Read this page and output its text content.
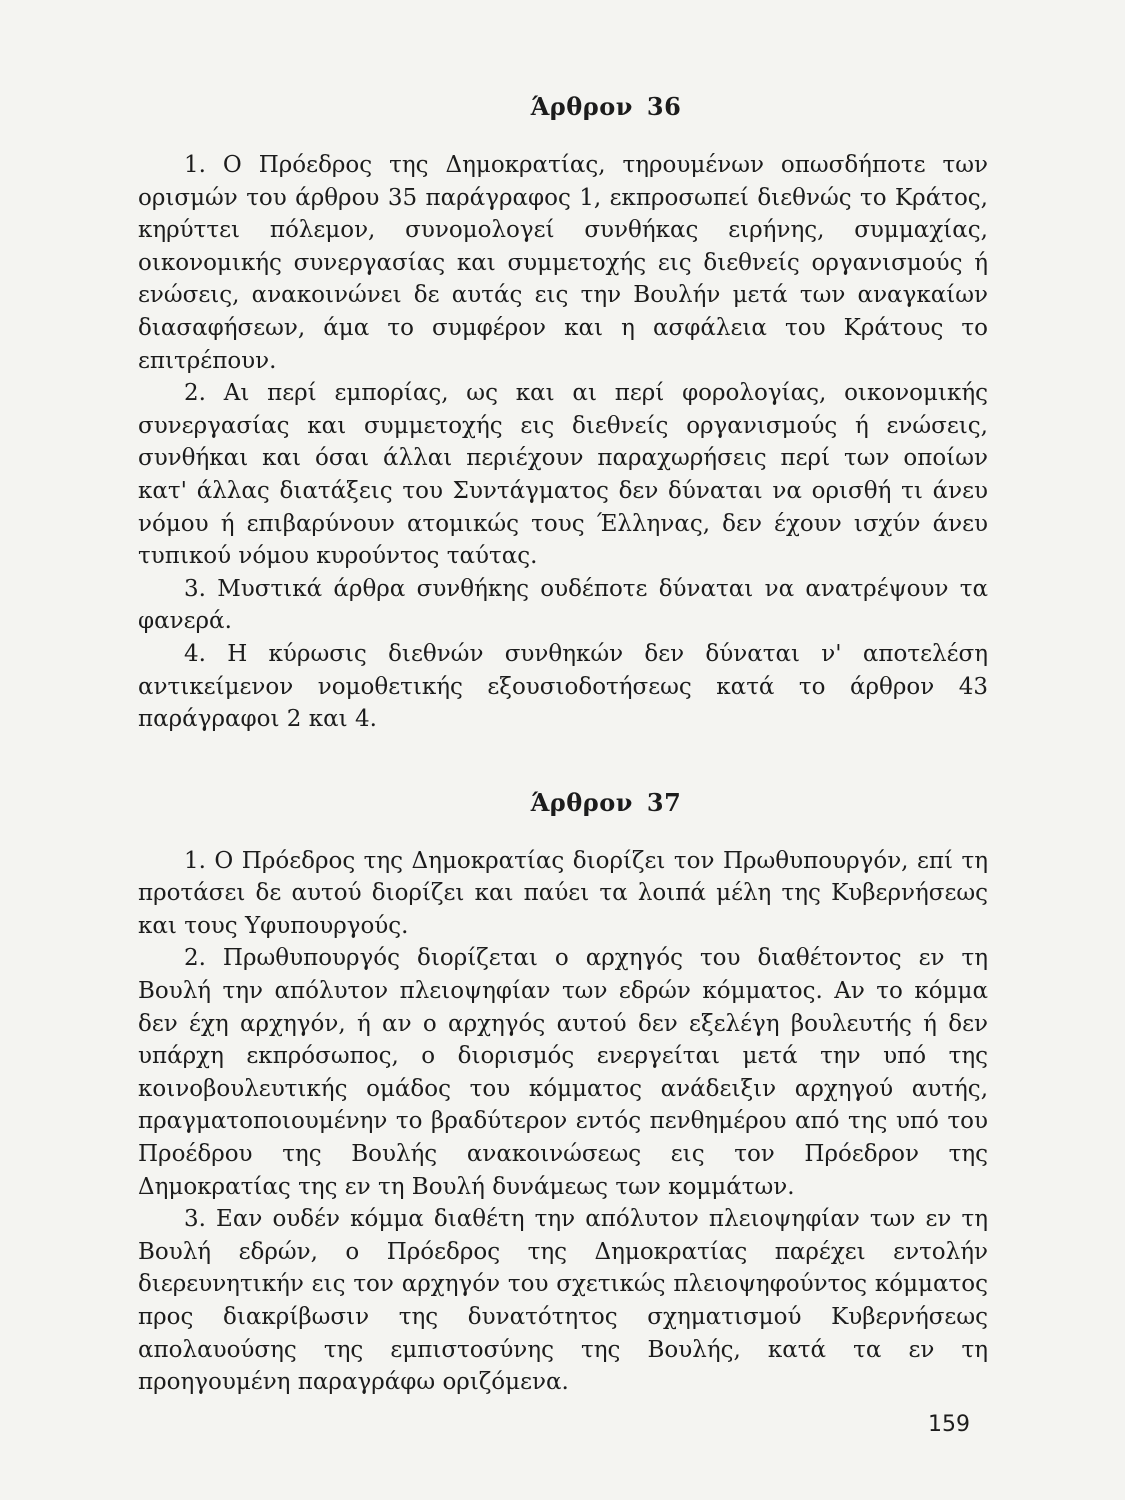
Άρθρον 36

1. Ο Πρόεδρος της Δημοκρατίας, τηρουμένων οπωσδήποτε των ορισμών του άρθρου 35 παράγραφος 1, εκπροσωπεί διεθνώς το Κράτος, κηρύττει πόλεμον, συνομολογεί συνθήκας ειρήνης, συμμαχίας, οικονομικής συνεργασίας και συμμετοχής εις διεθνείς οργανισμούς ή ενώσεις, ανακοινώνει δε αυτάς εις την Βουλήν μετά των αναγκαίων διασαφήσεων, άμα το συμφέρον και η ασφάλεια του Κράτους το επιτρέπουν.

2. Αι περί εμπορίας, ως και αι περί φορολογίας, οικονομικής συνεργασίας και συμμετοχής εις διεθνείς οργανισμούς ή ενώσεις, συνθήκαι και όσαι άλλαι περιέχουν παραχωρήσεις περί των οποίων κατ' άλλας διατάξεις του Συντάγματος δεν δύναται να ορισθή τι άνευ νόμου ή επιβαρύνουν ατομικώς τους Έλληνας, δεν έχουν ισχύν άνευ τυπικού νόμου κυρούντος ταύτας.

3. Μυστικά άρθρα συνθήκης ουδέποτε δύναται να ανατρέψουν τα φανερά.

4. Η κύρωσις διεθνών συνθηκών δεν δύναται ν' αποτελέση αντικείμενον νομοθετικής εξουσιοδοτήσεως κατά το άρθρον 43 παράγραφοι 2 και 4.

Άρθρον 37

1. Ο Πρόεδρος της Δημοκρατίας διορίζει τον Πρωθυπουργόν, επί τη προτάσει δε αυτού διορίζει και παύει τα λοιπά μέλη της Κυβερνήσεως και τους Υφυπουργούς.

2. Πρωθυπουργός διορίζεται ο αρχηγός του διαθέτοντος εν τη Βουλή την απόλυτον πλειοψηφίαν των εδρών κόμματος. Αν το κόμμα δεν έχη αρχηγόν, ή αν ο αρχηγός αυτού δεν εξελέγη βουλευτής ή δεν υπάρχη εκπρόσωπος, ο διορισμός ενεργείται μετά την υπό της κοινοβουλευτικής ομάδος του κόμματος ανάδειξιν αρχηγού αυτής, πραγματοποιουμένην το βραδύτερον εντός πενθημέρου από της υπό του Προέδρου της Βουλής ανακοινώσεως εις τον Πρόεδρον της Δημοκρατίας της εν τη Βουλή δυνάμεως των κομμάτων.

3. Εαν ουδέν κόμμα διαθέτη την απόλυτον πλειοψηφίαν των εν τη Βουλή εδρών, ο Πρόεδρος της Δημοκρατίας παρέχει εντολήν διερευνητικήν εις τον αρχηγόν του σχετικώς πλειοψηφούντος κόμματος προς διακρίβωσιν της δυνατότητος σχηματισμού Κυβερνήσεως απολαυούσης της εμπιστοσύνης της Βουλής, κατά τα εν τη προηγουμένη παραγράφω οριζόμενα.

159
